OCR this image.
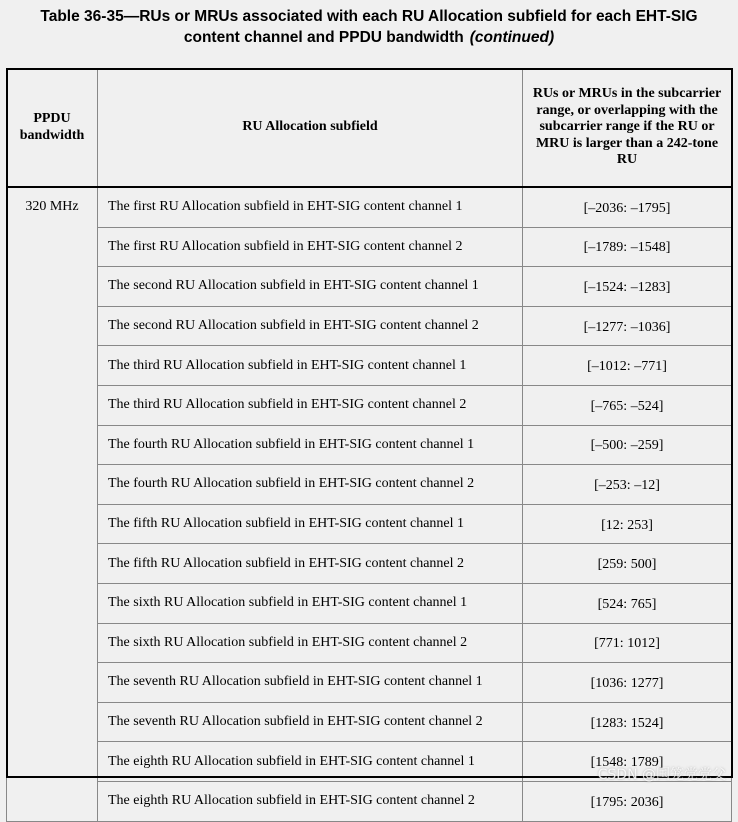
Table 36-35—RUs or MRUs associated with each RU Allocation subfield for each EHT-SIG
content channel and PPDU bandwidth (continued)
PPDU bandwidth	RU Allocation subfield	RUs or MRUs in the subcarrier range, or overlapping with the subcarrier range if the RU or MRU is larger than a 242-tone RU
320 MHz	The first RU Allocation subfield in EHT-SIG content channel 1	[–2036: –1795]
	The first RU Allocation subfield in EHT-SIG content channel 2	[–1789: –1548]
	The second RU Allocation subfield in EHT-SIG content channel 1	[–1524: –1283]
	The second RU Allocation subfield in EHT-SIG content channel 2	[–1277: –1036]
	The third RU Allocation subfield in EHT-SIG content channel 1	[–1012: –771]
	The third RU Allocation subfield in EHT-SIG content channel 2	[–765: –524]
	The fourth RU Allocation subfield in EHT-SIG content channel 1	[–500: –259]
	The fourth RU Allocation subfield in EHT-SIG content channel 2	[–253: –12]
	The fifth RU Allocation subfield in EHT-SIG content channel 1	[12: 253]
	The fifth RU Allocation subfield in EHT-SIG content channel 2	[259: 500]
	The sixth RU Allocation subfield in EHT-SIG content channel 1	[524: 765]
	The sixth RU Allocation subfield in EHT-SIG content channel 2	[771: 1012]
	The seventh RU Allocation subfield in EHT-SIG content channel 1	[1036: 1277]
	The seventh RU Allocation subfield in EHT-SIG content channel 2	[1283: 1524]
	The eighth RU Allocation subfield in EHT-SIG content channel 1	[1548: 1789]
	The eighth RU Allocation subfield in EHT-SIG content channel 2	[1795: 2036]
CSDN @国笼党党父
